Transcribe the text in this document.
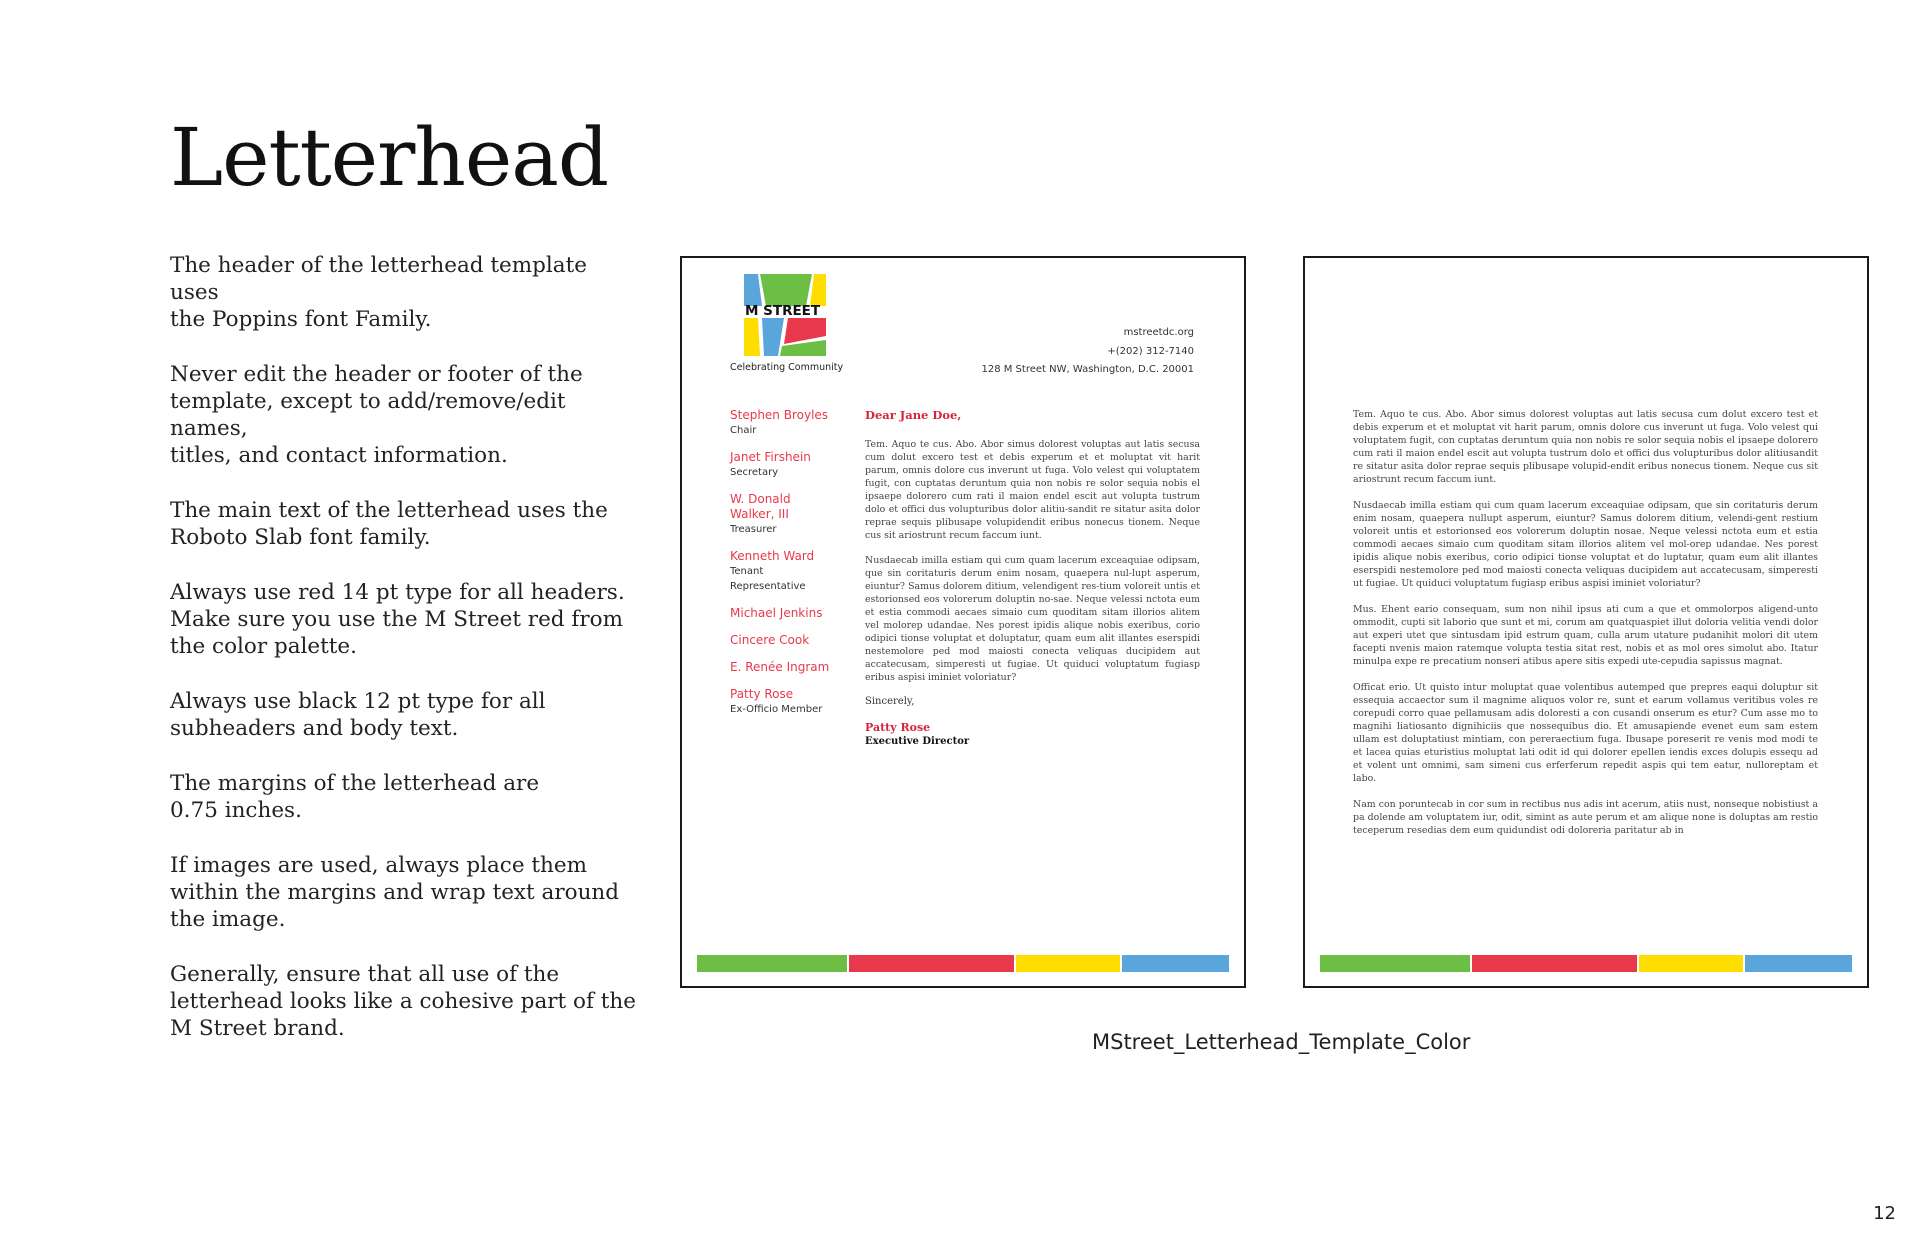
Letterhead

The header of the letterhead template uses
the Poppins font Family.

Never edit the header or footer of the
template, except to add/remove/edit names,
titles, and contact information.

The main text of the letterhead uses the
Roboto Slab font family.

Always use red 14 pt type for all headers.
Make sure you use the M Street red from
the color palette.

Always use black 12 pt type for all
subheaders and body text.

The margins of the letterhead are
0.75 inches.

If images are used, always place them
within the margins and wrap text around
the image.

Generally, ensure that all use of the
letterhead looks like a cohesive part of the
M Street brand.

M STREET
Celebrating Community
mstreetdc.org
+(202) 312-7140
128 M Street NW, Washington, D.C. 20001
Stephen Broyles
Chair
Janet Firshein
Secretary
W. Donald
Walker, III
Treasurer
Kenneth Ward
Tenant
Representative
Michael Jenkins
Cincere Cook
E. Renée Ingram
Patty Rose
Ex-Officio Member
Dear Jane Doe,

Tem. Aquo te cus. Abo. Abor simus dolorest voluptas aut latis secusa cum dolut excero test et debis experum et et moluptat vit harit parum, omnis dolore cus inverunt ut fuga. Volo velest qui voluptatem fugit, con cuptatas deruntum quia non nobis re solor sequia nobis el ipsaepe dolorero cum rati il maion endel escit aut volupta tustrum dolo et offici dus volupturibus dolor alitiu-sandit re sitatur asita dolor reprae sequis plibusape volupidendit eribus nonecus tionem. Neque cus sit ariostrunt recum faccum iunt.

Nusdaecab imilla estiam qui cum quam lacerum exceaquiae odipsam, que sin coritaturis derum enim nosam, quaepera nul-lupt asperum, eiuntur? Samus dolorem ditium, velendigent res-tium voloreit untis et estorionsed eos volorerum doluptin no-sae. Neque velessi nctota eum et estia commodi aecaes simaio cum quoditam sitam illorios alitem vel molorep udandae. Nes porest ipidis alique nobis exeribus, corio odipici tionse voluptat et doluptatur, quam eum alit illantes eserspidi nestemolore ped mod maiosti conecta veliquas ducipidem aut accatecusam, simperesti ut fugiae. Ut quiduci voluptatum fugiasp eribus aspisi iminiet voloriatur?

Sincerely,
Patty Rose
Executive Director

Tem. Aquo te cus. Abo. Abor simus dolorest voluptas aut latis secusa cum dolut excero test et debis experum et et moluptat vit harit parum, omnis dolore cus inverunt ut fuga. Volo velest qui voluptatem fugit, con cuptatas deruntum quia non nobis re solor sequia nobis el ipsaepe dolorero cum rati il maion endel escit aut volupta tustrum dolo et offici dus volupturibus dolor alitiusandit re sitatur asita dolor reprae sequis plibusape volupid-endit eribus nonecus tionem. Neque cus sit ariostrunt recum faccum iunt.

Nusdaecab imilla estiam qui cum quam lacerum exceaquiae odipsam, que sin coritaturis derum enim nosam, quaepera nullupt asperum, eiuntur? Samus dolorem ditium, velendi-gent restium voloreit untis et estorionsed eos volorerum doluptin nosae. Neque velessi nctota eum et estia commodi aecaes simaio cum quoditam sitam illorios alitem vel mol-orep udandae. Nes porest ipidis alique nobis exeribus, corio odipici tionse voluptat et do luptatur, quam eum alit illantes eserspidi nestemolore ped mod maiosti conecta veliquas ducipidem aut accatecusam, simperesti ut fugiae. Ut quiduci voluptatum fugiasp eribus aspisi iminiet voloriatur?

Mus. Ehent eario consequam, sum non nihil ipsus ati cum a que et ommolorpos aligend-unto ommodit, cupti sit laborio que sunt et mi, corum am quatquaspiet illut doloria velitia vendi dolor aut experi utet que sintusdam ipid estrum quam, culla arum utature pudanihit molori dit utem facepti nvenis maion ratemque volupta testia sitat rest, nobis et as mol ores simolut abo. Itatur minulpa expe re precatium nonseri atibus apere sitis expedi ute-cepudia sapissus magnat.

Officat erio. Ut quisto intur moluptat quae volentibus autemped que prepres eaqui doluptur sit essequia accaector sum il magnime aliquos volor re, sunt et earum vollamus veritibus voles re corepudi corro quae pellamusam adis doloresti a con cusandi onserum es etur? Cum asse mo to magnihi liatiosanto dignihiciis que nossequibus dio. Et amusapiende evenet eum sam estem ullam est doluptatiust mintiam, con pereraectium fuga. Ibusape poreserit re venis mod modi te et lacea quias eturistius moluptat lati odit id qui dolorer epellen iendis exces dolupis essequ ad et volent unt omnimi, sam simeni cus erferferum repedit aspis qui tem eatur, nulloreptam et labo.

Nam con poruntecab in cor sum in rectibus nus adis int acerum, atiis nust, nonseque nobistiust a pa dolende am voluptatem iur, odit, simint as aute perum et am alique none is doluptas am restio teceperum resedias dem eum quidundist odi doloreria paritatur ab in

MStreet_Letterhead_Template_Color
12
